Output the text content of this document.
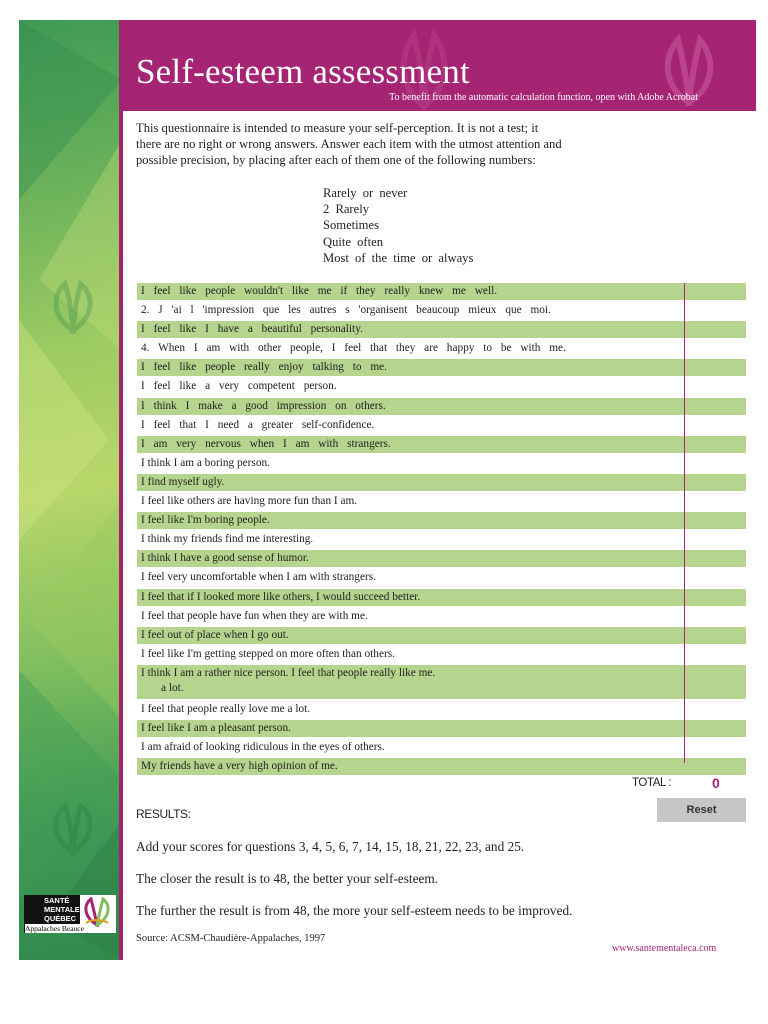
Self-esteem assessment
To benefit from the automatic calculation function, open with Adobe Acrobat
This questionnaire is intended to measure your self-perception. It is not a test; it
there are no right or wrong answers. Answer each item with the utmost attention and
possible precision, by placing after each of them one of the following numbers:
Rarely or never
2 Rarely
Sometimes
Quite often
Most of the time or always
I feel like people wouldn't like me if they really knew me well.
2. J 'ai l 'impression que les autres s 'organisent beaucoup mieux que moi.
I feel like I have a beautiful personality.
4. When I am with other people, I feel that they are happy to be with me.
I feel like people really enjoy talking to me.
I feel like a very competent person.
I think I make a good impression on others.
I feel that I need a greater self-confidence.
I am very nervous when I am with strangers.
I think I am a boring person.
I find myself ugly.
I feel like others are having more fun than I am.
I feel like I'm boring people.
I think my friends find me interesting.
I think I have a good sense of humor.
I feel very uncomfortable when I am with strangers.
I feel that if I looked more like others, I would succeed better.
I feel that people have fun when they are with me.
I feel out of place when I go out.
I feel like I'm getting stepped on more often than others.
I think I am a rather nice person. I feel that people really like me.
a lot.
I feel that people really love me a lot.
I feel like I am a pleasant person.
I am afraid of looking ridiculous in the eyes of others.
My friends have a very high opinion of me.
TOTAL :	0
Reset
RESULTS:
Add your scores for questions 3, 4, 5, 6, 7, 14, 15, 18, 21, 22, 23, and 25.
The closer the result is to 48, the better your self-esteem.
The further the result is from 48, the more your self-esteem needs to be improved.
Source: ACSM-Chaudière-Appalaches, 1997
www.santementaleca.com
SANTÉ
MENTALE
QUÉBEC
Appalaches Beauce
